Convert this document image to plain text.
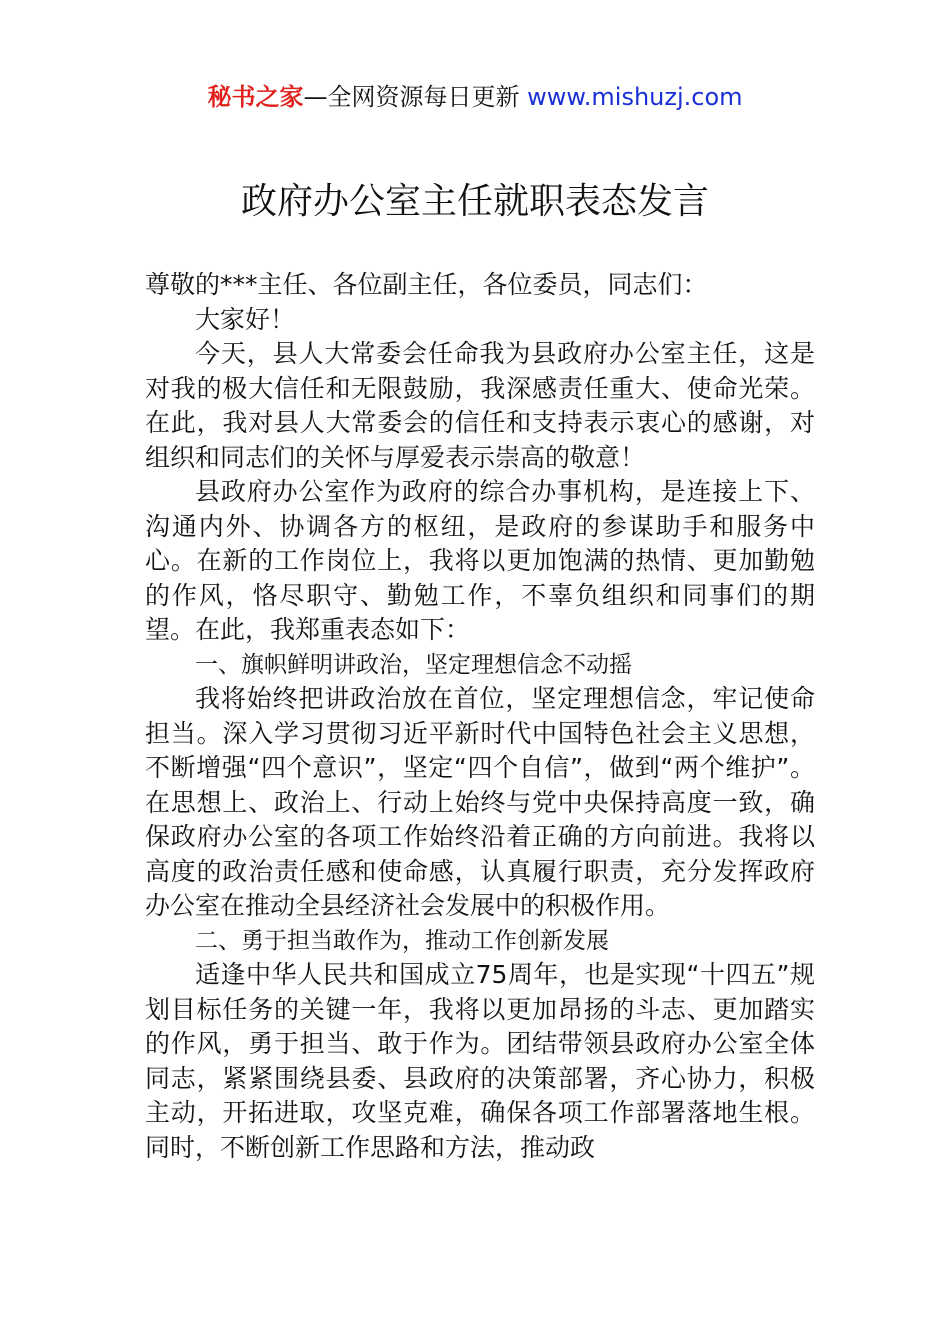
秘书之家—全网资源每日更新 www.mishuzj.com
政府办公室主任就职表态发言

尊敬的***主任、各位副主任，各位委员，同志们：

大家好！

今天，县人大常委会任命我为县政府办公室主任，这是对我的极大信任和无限鼓励，我深感责任重大、使命光荣。在此，我对县人大常委会的信任和支持表示衷心的感谢，对组织和同志们的关怀与厚爱表示崇高的敬意！

县政府办公室作为政府的综合办事机构，是连接上下、沟通内外、协调各方的枢纽，是政府的参谋助手和服务中心。在新的工作岗位上，我将以更加饱满的热情、更加勤勉的作风，恪尽职守、勤勉工作，不辜负组织和同事们的期望。在此，我郑重表态如下：

一、旗帜鲜明讲政治，坚定理想信念不动摇

我将始终把讲政治放在首位，坚定理想信念，牢记使命担当。深入学习贯彻习近平新时代中国特色社会主义思想，不断增强“四个意识”，坚定“四个自信”，做到“两个维护”。在思想上、政治上、行动上始终与党中央保持高度一致，确保政府办公室的各项工作始终沿着正确的方向前进。我将以高度的政治责任感和使命感，认真履行职责，充分发挥政府办公室在推动全县经济社会发展中的积极作用。

二、勇于担当敢作为，推动工作创新发展

适逢中华人民共和国成立75周年，也是实现“十四五”规划目标任务的关键一年，我将以更加昂扬的斗志、更加踏实的作风，勇于担当、敢于作为。团结带领县政府办公室全体同志，紧紧围绕县委、县政府的决策部署，齐心协力，积极主动，开拓进取，攻坚克难，确保各项工作部署落地生根。同时，不断创新工作思路和方法，推动政
